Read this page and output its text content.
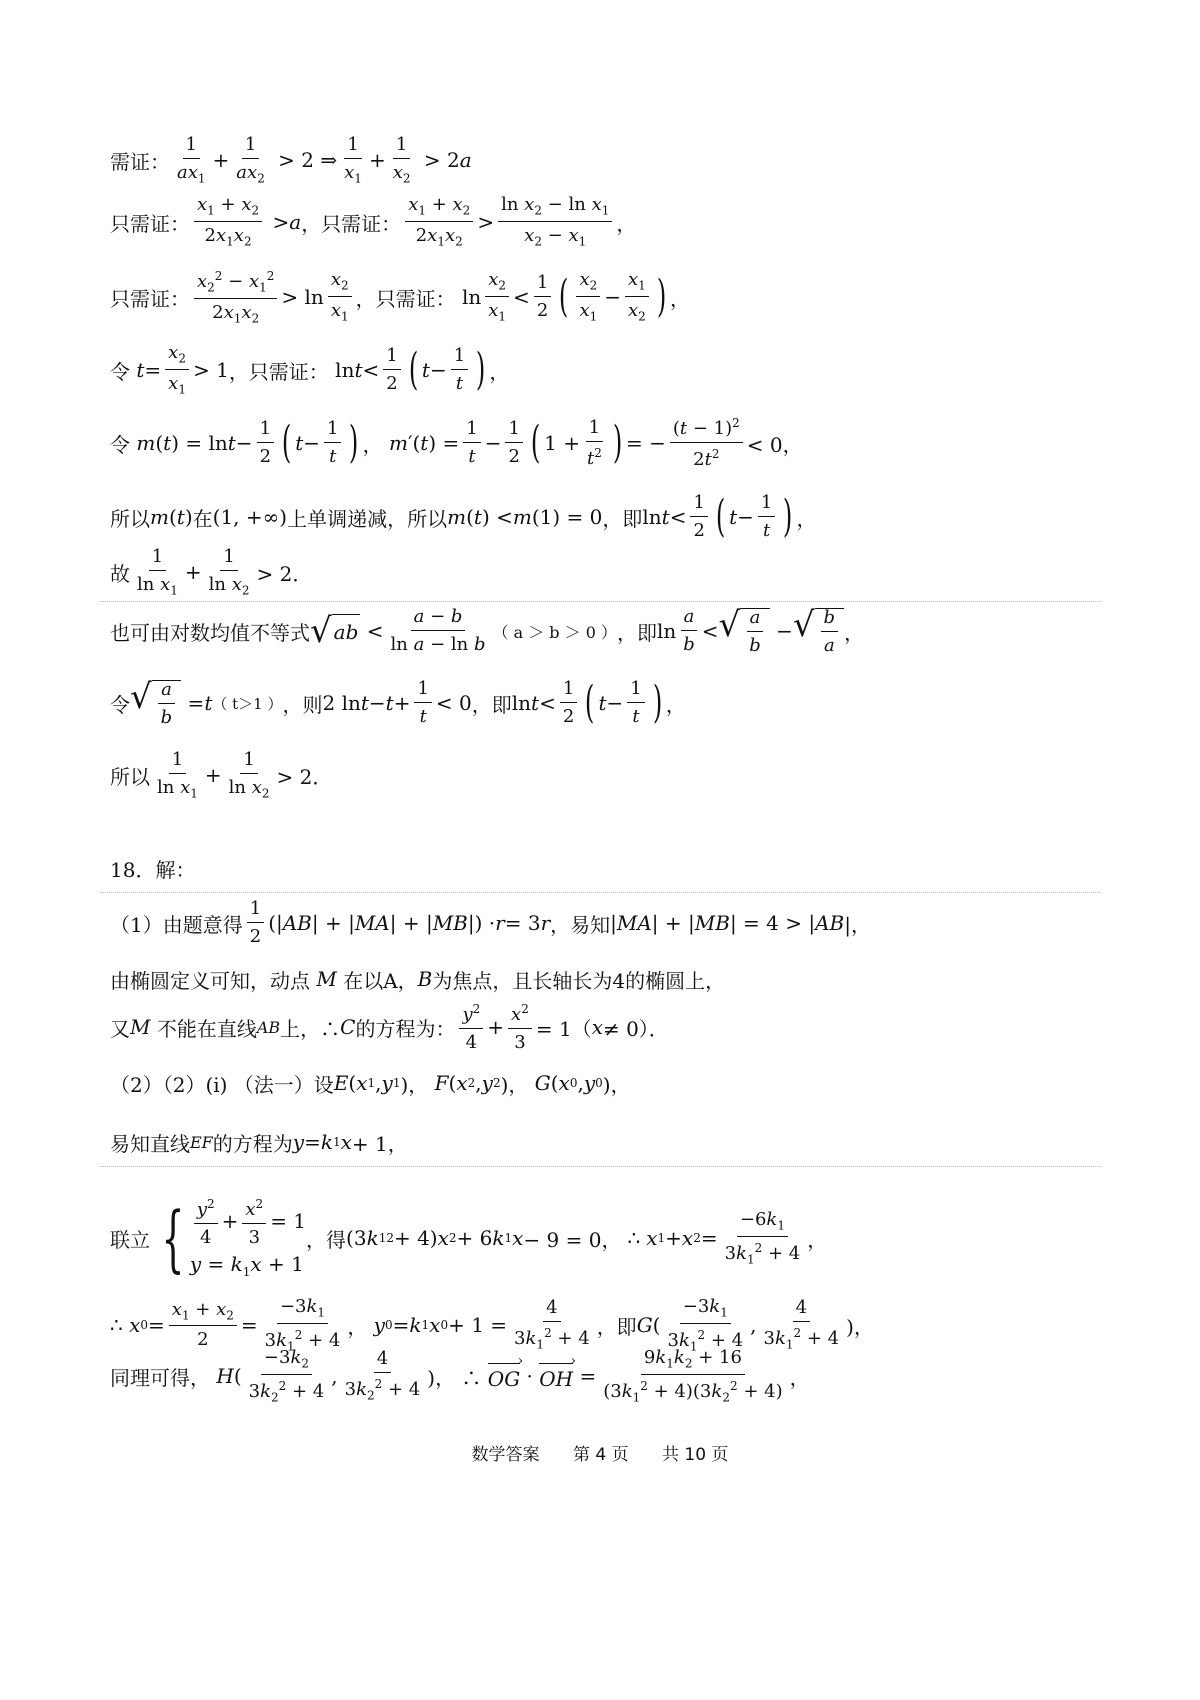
需证： $\frac{1}{ax_1} + \frac{1}{ax_2} > 2$ ⇒ $\frac{1}{x_1} + \frac{1}{x_2} > 2$ a
只需证： $\frac{x_1 + x_2}{2x_1x_2} > a$ ，只需证： $\frac{x_1 + x_2}{2x_1x_2} > \frac{\ln x_2 - \ln x_1}{x_2 - x_1}$ ，
只需证： $\frac{x_2^2 - x_1^2}{2x_1x_2} > \ln \frac{x_2}{x_1}$ ，只需证： $\ln \frac{x_2}{x_1} < \frac{1}{2}$ ( $\frac{x_2}{x_1} - \frac{x_1}{x_2}$ ) ，
令
$t = \frac{x_2}{x_1} > 1$ ，只需证： $\ln t < \frac{1}{2}$ ( $t - \frac{1}{t}$ ) ，
令
m ( t ) = $\ln t - \frac{1}{2}$ ( $t - \frac{1}{t}$ ) ， m ′( t ) = $\frac{1}{t} - \frac{1}{2}$ ( $1 + \frac{1}{t^2}$ ) = − $\frac{(t - 1)^2}{2t^2} < 0$，
所以 m ( t ) 在 (1, +∞) 上单调递减，所以 m ( t ) < m (1) = 0 ，即 $\ln t < \frac{1}{2}$ ( $t - \frac{1}{t}$ ) ，
故 $\frac{1}{\ln x_1} + \frac{1}{\ln x_2} > 2$．
也可由对数均值不等式 √ ab < $\frac{a - b}{\text{ln a − ln b}}$ （ a ＞ b ＞ 0 ） ，即 $\ln \frac{a}{b}$ < √ $\frac{a}{b}$ − √ $\frac{b}{a}$ ，
令 √ $\frac{a}{b} = t$ （ t＞1 ） ，则 2 $\ln t - t + \frac{1}{t} < 0$ ，即 $\ln t < \frac{1}{2}$ ( $t - \frac{1}{t}$ ) ，
所以 $\frac{1}{\ln x_1} + \frac{1}{\ln x_2} > 2$．
18．解：
（1）由题意得 $\frac{1}{2}$ (| AB | + | MA | + | MB |) · r = 3 r ，易知 | MA | + | MB | = 4 > | AB |，
由椭圆定义可知，动点
M
在以 A， B 为焦点，且长轴长为4的椭圆上，
又 M
不能在直线 AB 上，∴ C 的方程为： $\frac{y^2}{4} + \frac{x^2}{3} = 1$（ x ≠ 0）．
（2）（2）(i) （法一）设 E ( x 1 , y 1 )， F ( x 2 , y 2 )， G ( x 0 , y 0 )，
易知直线 EF 的方程为 y = k 1 x + 1，
联立 { $\frac{y^2}{4} + \frac{x^2}{3} = 1$
$y = k_1x + 1$
，得 (3 k 1 2 + 4) x 2 + 6 k 1 x − 9 = 0， ∴ x 1 + x $2 = \frac{-6k_1}{3k_1^2 + 4}$ ，
∴ x $0 = \frac{x_1 + x_2}{2} = \frac{-3k_1}{3k_1^2 + 4}$ ， y 0 = k 1 x $0 + 1 = \frac{4}{3k_1^2 + 4}$ ，即 G ( $\frac{-3k_1}{3k_1^2 + 4}$ , $\frac{4}{3k_1^2 + 4}$ )，
同理可得，
H ( $\frac{-3k_2}{3k_2^2 + 4}$ , $\frac{4}{3k_2^2 + 4}$ )， ∴ OG › · OH › = $\frac{9k_1k_2 + 16}{(3k_1^2 + 4)(3k_2^2 + 4)}$ ，
数学答案 第 4 页 共 10 页
